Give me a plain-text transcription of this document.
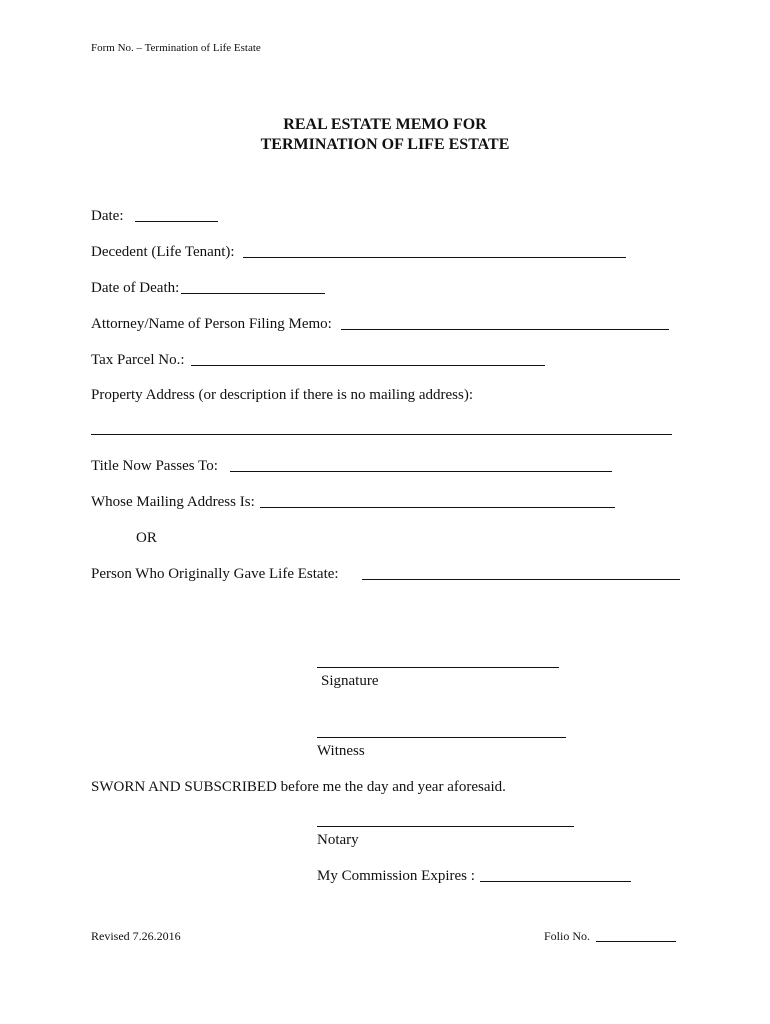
Form No. – Termination of Life Estate
REAL ESTATE MEMO FOR
TERMINATION OF LIFE ESTATE
Date:
Decedent (Life Tenant):
Date of Death:
Attorney/Name of Person Filing Memo:
Tax Parcel No.:
Property Address (or description if there is no mailing address):
Title Now Passes To:
Whose Mailing Address Is:
OR
Person Who Originally Gave Life Estate:
Signature
Witness
SWORN AND SUBSCRIBED before me the day and year aforesaid.
Notary
My Commission Expires :
Revised 7.26.2016	Folio No.
